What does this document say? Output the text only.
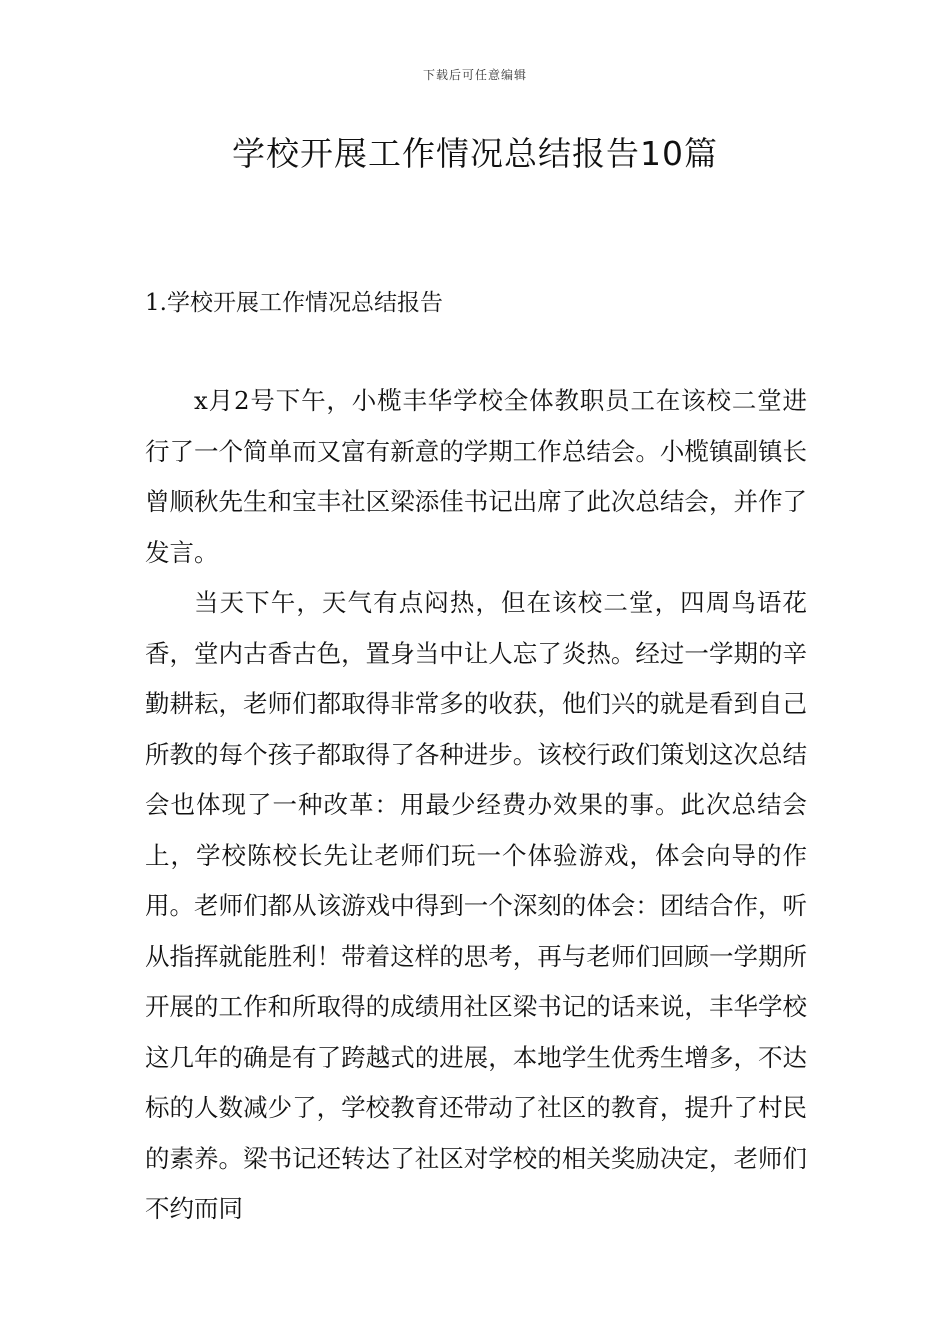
下载后可任意编辑
学校开展工作情况总结报告10篇
1.学校开展工作情况总结报告

x月2号下午，小榄丰华学校全体教职员工在该校二堂进行了一个简单而又富有新意的学期工作总结会。小榄镇副镇长曾顺秋先生和宝丰社区梁添佳书记出席了此次总结会，并作了发言。

当天下午，天气有点闷热，但在该校二堂，四周鸟语花香，堂内古香古色，置身当中让人忘了炎热。经过一学期的辛勤耕耘，老师们都取得非常多的收获，他们兴的就是看到自己所教的每个孩子都取得了各种进步。该校行政们策划这次总结会也体现了一种改革：用最少经费办效果的事。此次总结会上，学校陈校长先让老师们玩一个体验游戏，体会向导的作用。老师们都从该游戏中得到一个深刻的体会：团结合作，听从指挥就能胜利！带着这样的思考，再与老师们回顾一学期所开展的工作和所取得的成绩用社区梁书记的话来说，丰华学校这几年的确是有了跨越式的进展，本地学生优秀生增多，不达标的人数减少了，学校教育还带动了社区的教育，提升了村民的素养。梁书记还转达了社区对学校的相关奖励决定，老师们不约而同
